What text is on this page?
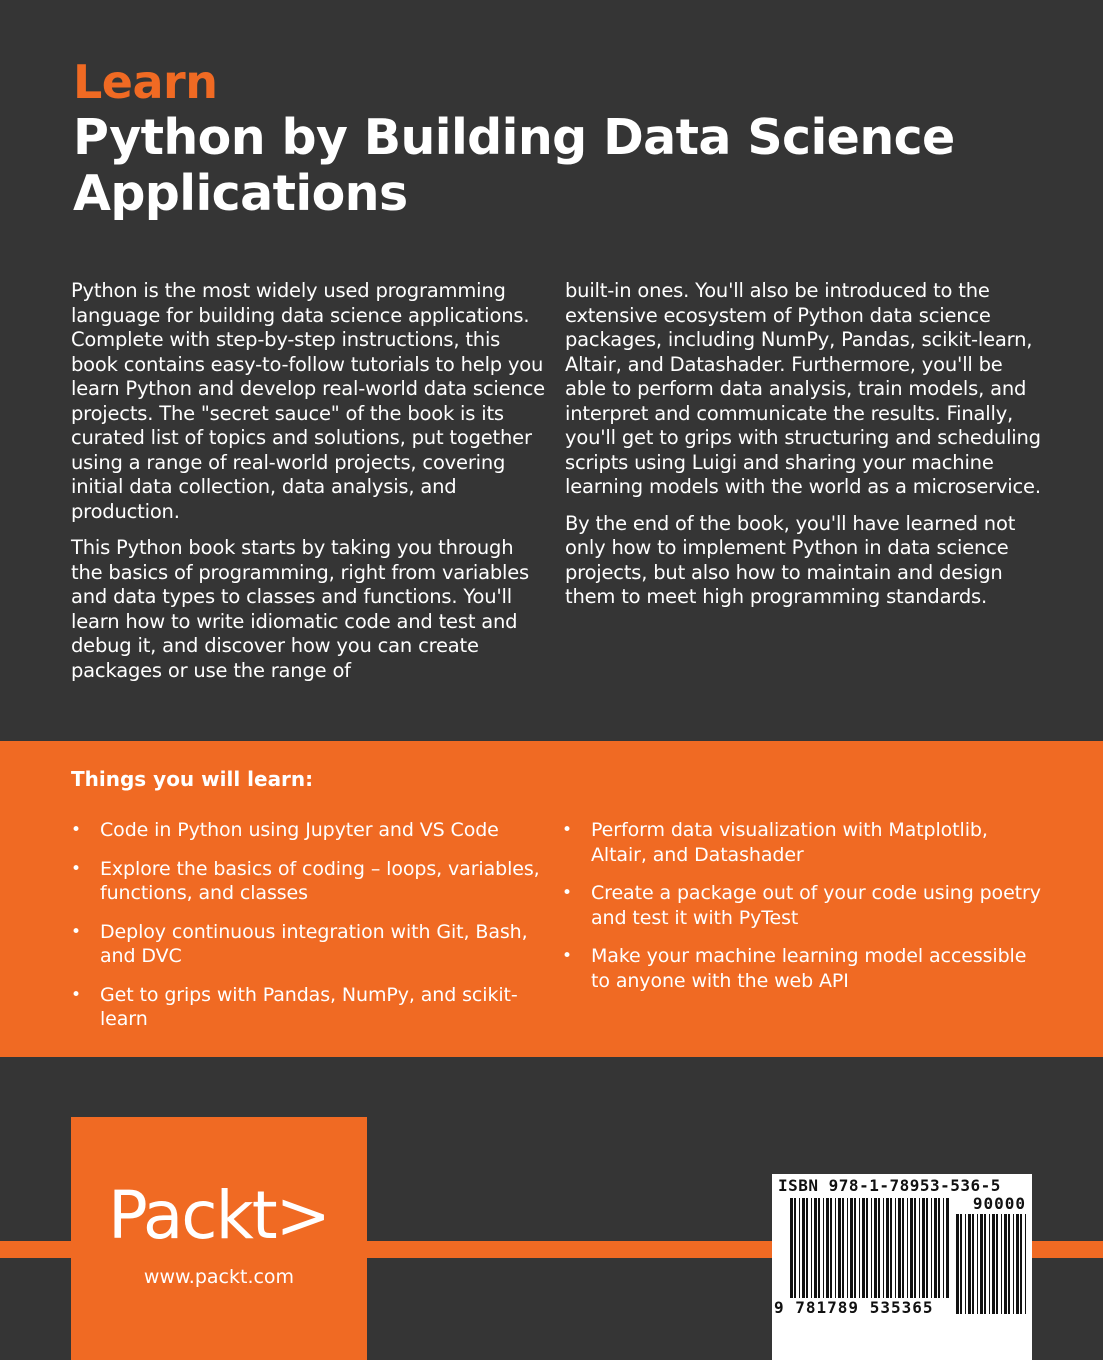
Learn
Python by Building Data Science Applications

Python is the most widely used programming language for building data science applications. Complete with step-by-step instructions, this book contains easy-to-follow tutorials to help you learn Python and develop real-world data science projects. The "secret sauce" of the book is its curated list of topics and solutions, put together using a range of real-world projects, covering initial data collection, data analysis, and production.

This Python book starts by taking you through the basics of programming, right from variables and data types to classes and functions. You'll learn how to write idiomatic code and test and debug it, and discover how you can create packages or use the range of

built-in ones. You'll also be introduced to the extensive ecosystem of Python data science packages, including NumPy, Pandas, scikit-learn, Altair, and Datashader. Furthermore, you'll be able to perform data analysis, train models, and interpret and communicate the results. Finally, you'll get to grips with structuring and scheduling scripts using Luigi and sharing your machine learning models with the world as a microservice.

By the end of the book, you'll have learned not only how to implement Python in data science projects, but also how to maintain and design them to meet high programming standards.

Things you will learn:
• Code in Python using Jupyter and VS Code
• Explore the basics of coding – loops, variables, functions, and classes
• Deploy continuous integration with Git, Bash, and DVC
• Get to grips with Pandas, NumPy, and scikit-learn
• Perform data visualization with Matplotlib, Altair, and Datashader
• Create a package out of your code using poetry and test it with PyTest
• Make your machine learning model accessible to anyone with the web API
Packt>
www.packt.com
ISBN 978-1-78953-536-5
90000
9 781789 535365
